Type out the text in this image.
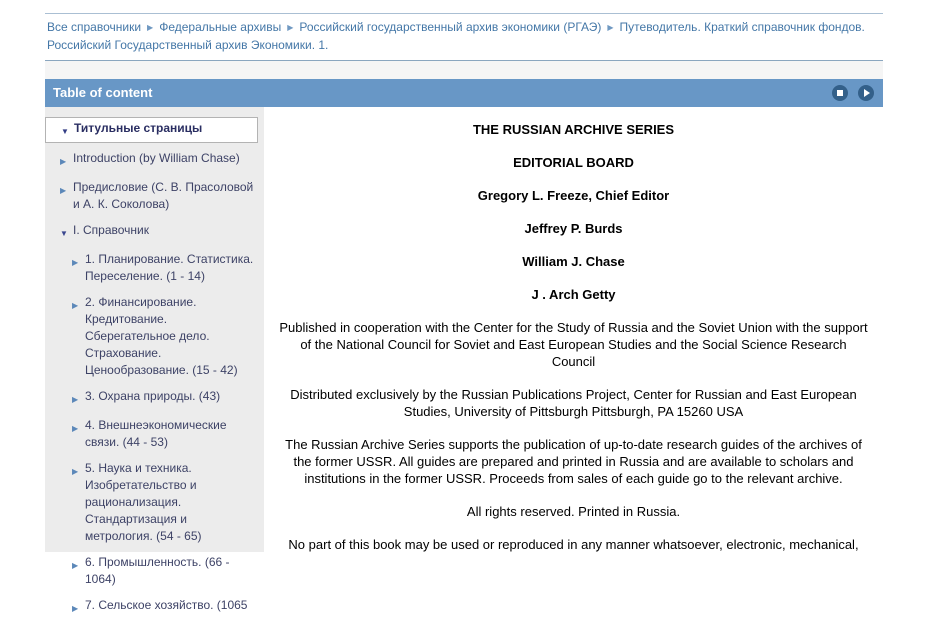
Все справочники ▶ Федеральные архивы ▶ Российский государственный архив экономики (РГАЭ) ▶ Путеводитель. Краткий справочник фондов. Российский Государственный архив Экономики. 1.
Table of content

▼ Титульные страницы
▶ Introduction (by William Chase)
▶ Предисловие (С. В. Прасоловой и А. К. Соколова)
▼ I. Справочник
▶ 1. Планирование. Статистика. Переселение. (1 - 14)
▶ 2. Финансирование. Кредитование. Сберегательное дело. Страхование. Ценообразование. (15 - 42)
▶ 3. Охрана природы. (43)
▶ 4. Внешнеэкономические связи. (44 - 53)
▶ 5. Наука и техника. Изобретательство и рационализация. Стандартизация и метрология. (54 - 65)
▶ 6. Промышленность. (66 - 1064)
▶ 7. Сельское хозяйство. (1065

THE RUSSIAN ARCHIVE SERIES

EDITORIAL BOARD

Gregory L. Freeze, Chief Editor

Jeffrey P. Burds

William J. Chase

J . Arch Getty

Published in cooperation with the Center for the Study of Russia and the Soviet Union with the support of the National Council for Soviet and East European Studies and the Social Science Research Council

Distributed exclusively by the Russian Publications Project, Center for Russian and East European Studies, University of Pittsburgh Pittsburgh, PA 15260 USA

The Russian Archive Series supports the publication of up-to-date research guides of the archives of the former USSR. All guides are prepared and printed in Russia and are available to scholars and institutions in the former USSR. Proceeds from sales of each guide go to the relevant archive.

All rights reserved. Printed in Russia.

No part of this book may be used or reproduced in any manner whatsoever, electronic, mechanical,
